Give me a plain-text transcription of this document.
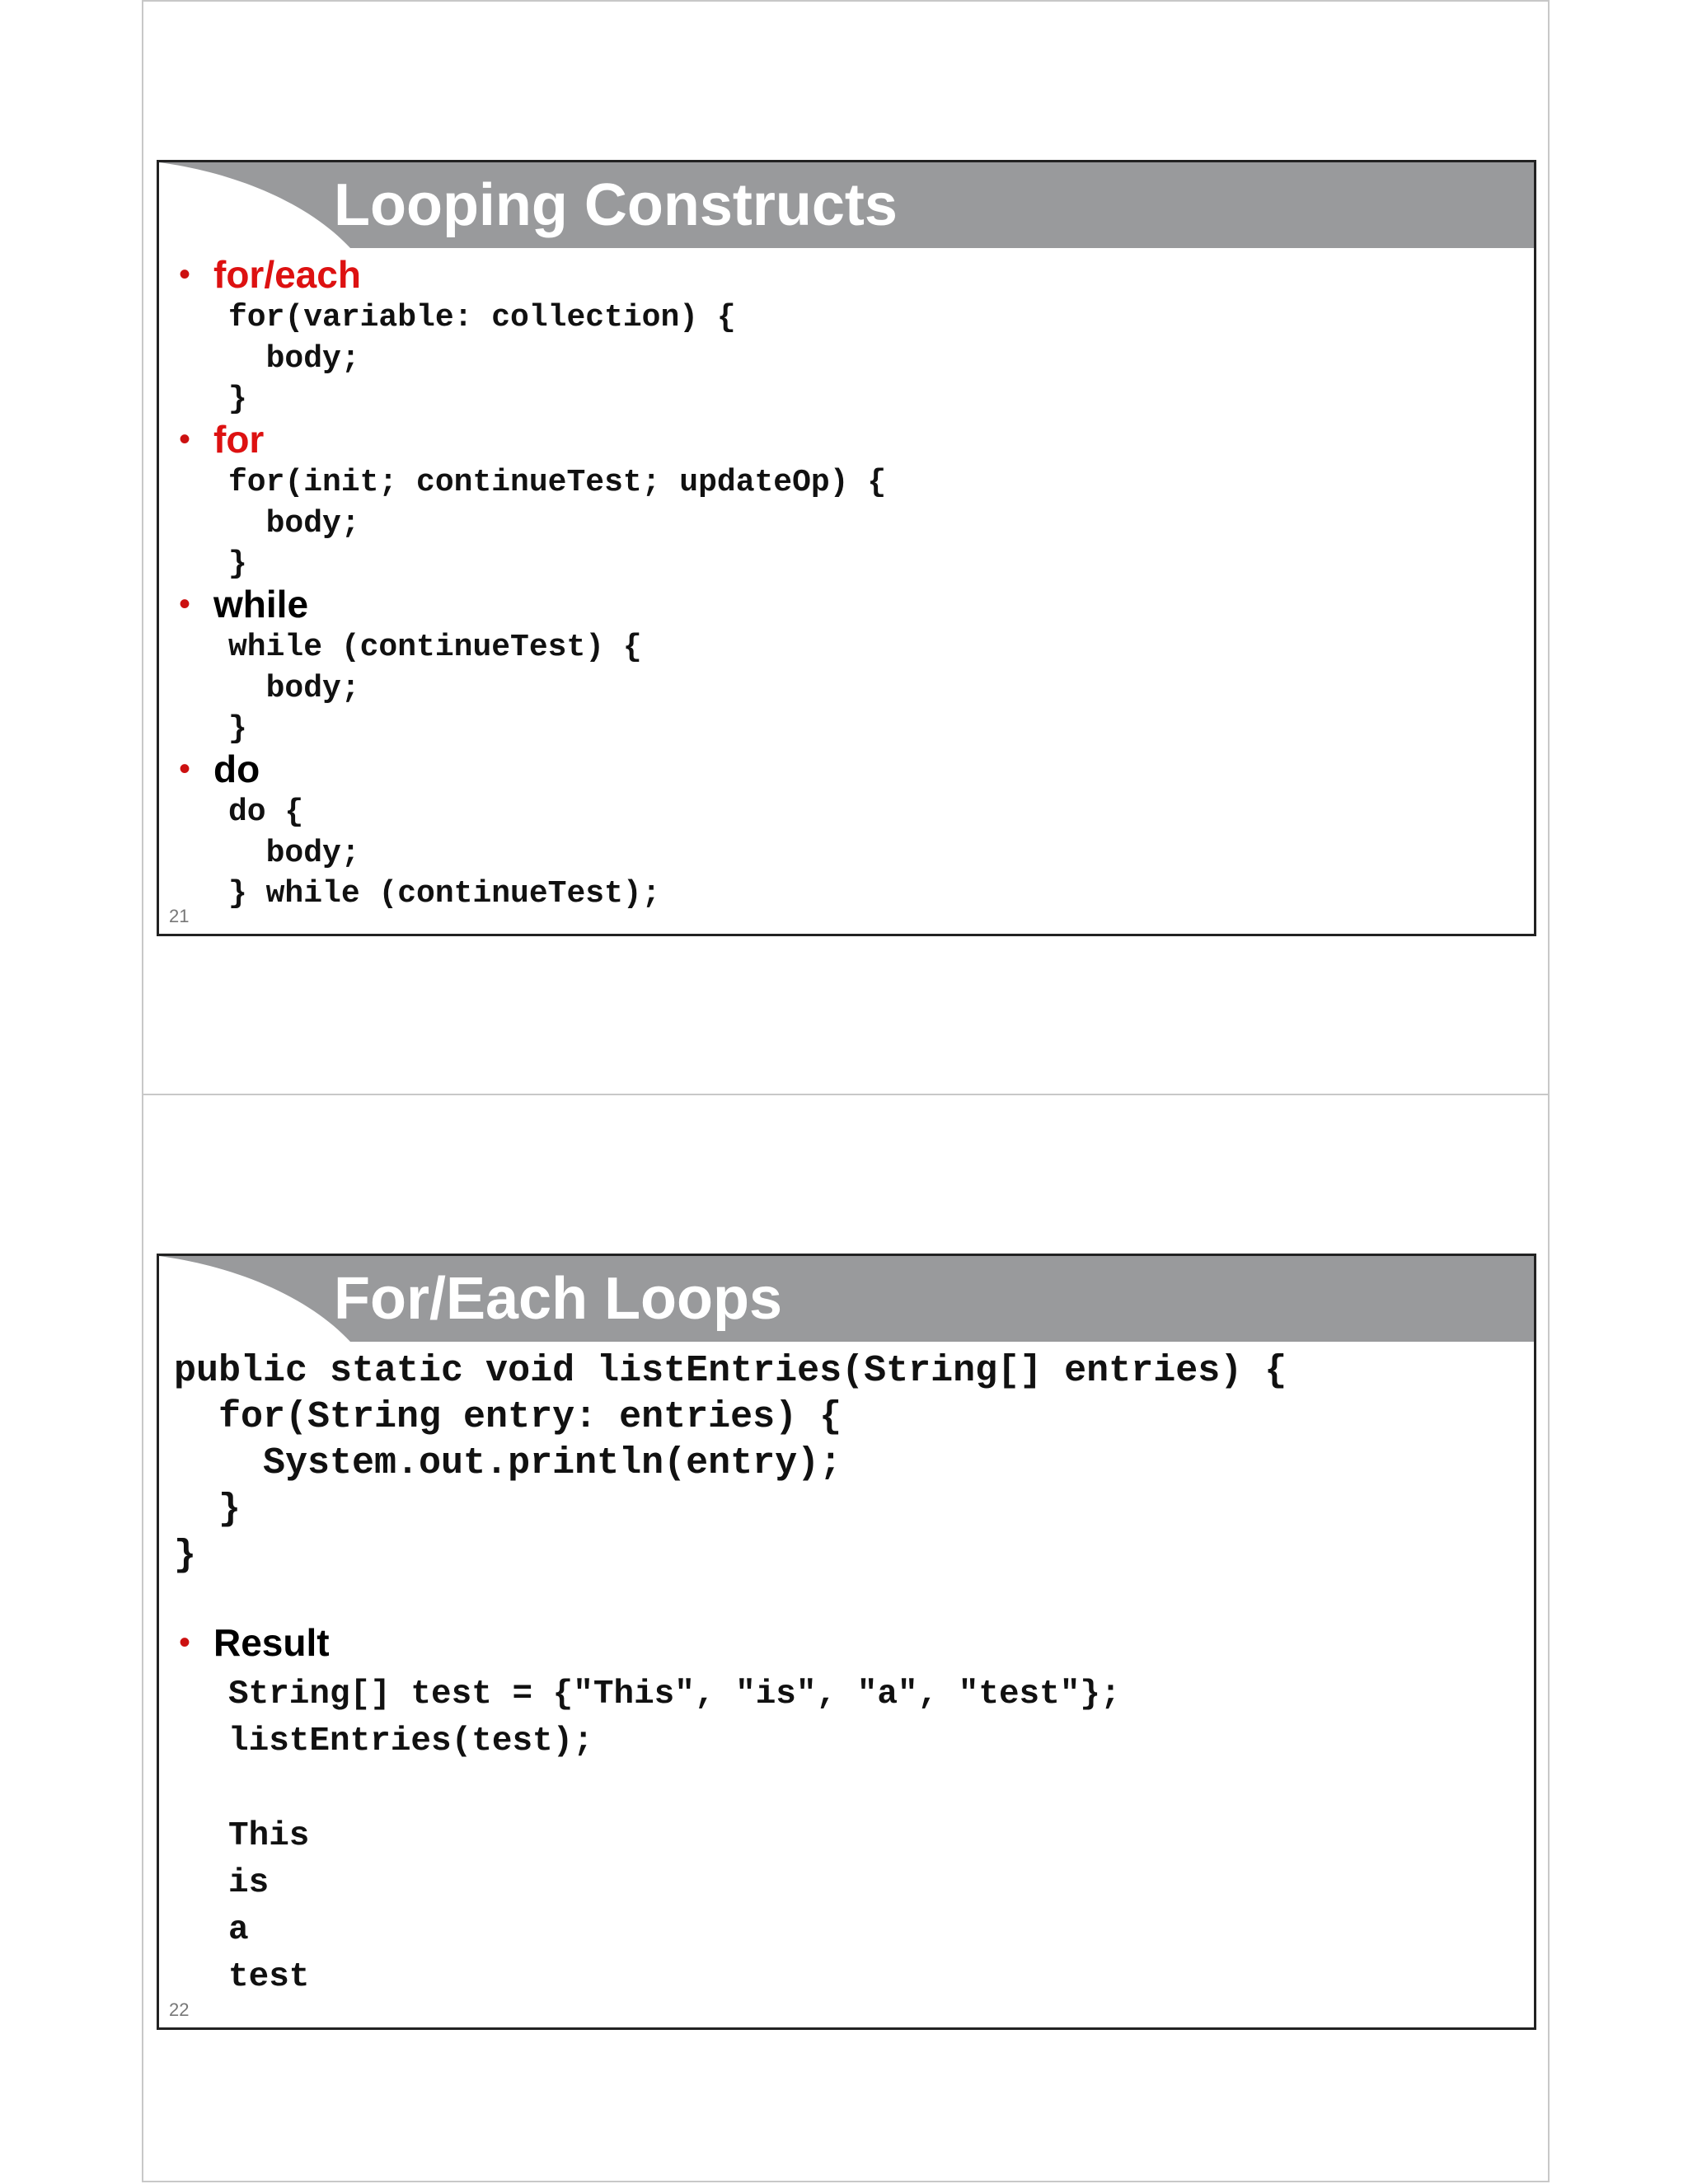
Looping Constructs
• for/each
for(variable: collection) {
body;
}
• for
for(init; continueTest; updateOp) {
body;
}
• while
while (continueTest) {
body;
}
• do
do {
body;
} while (continueTest);
21
For/Each Loops
public static void listEntries(String[] entries) {
for(String entry: entries) {
System.out.println(entry);
}
}
• Result
String[] test = {"This", "is", "a", "test"};
listEntries(test);
This
is
a
test
22
